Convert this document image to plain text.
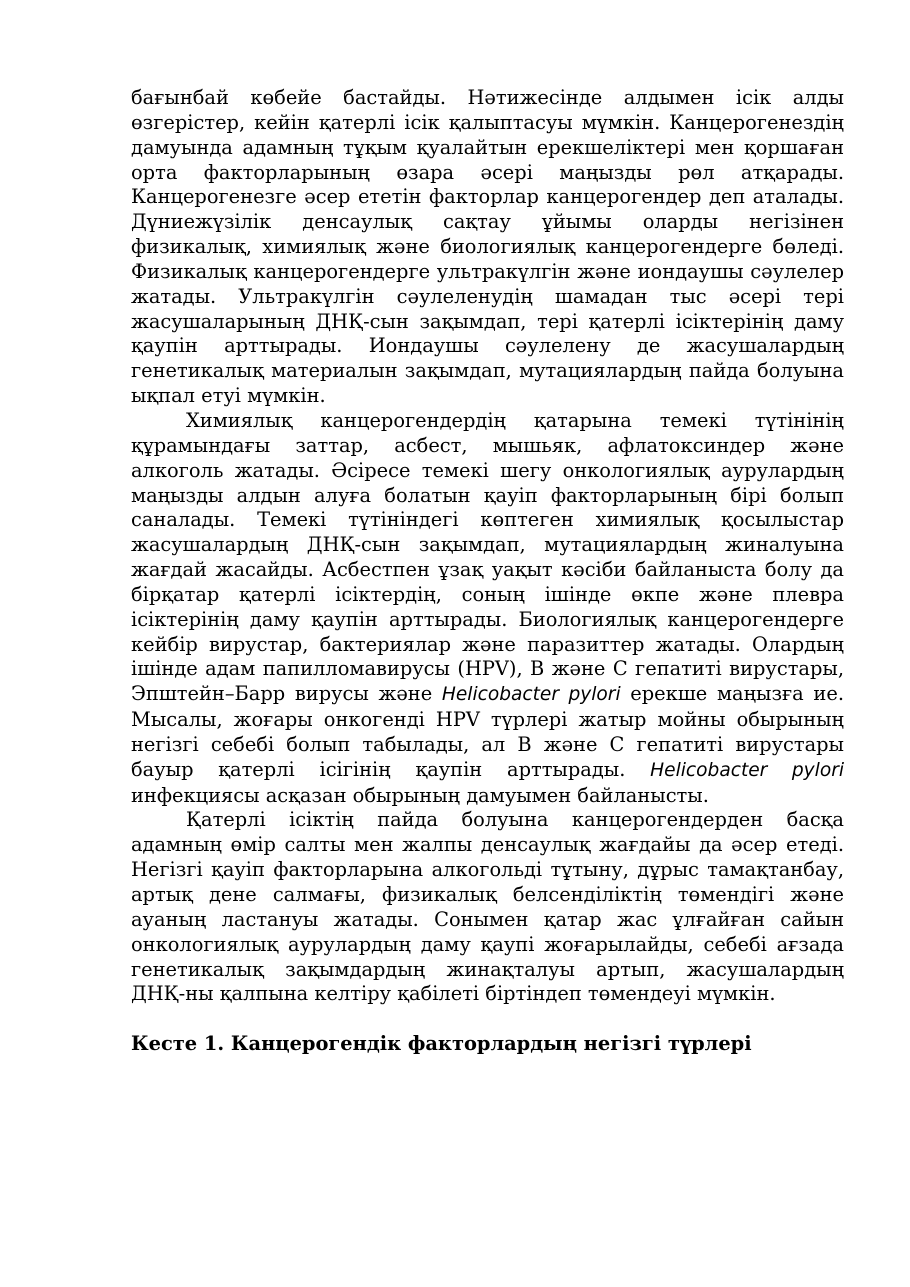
бағынбай көбейе бастайды. Нәтижесінде алдымен ісік алды өзгерістер, кейін қатерлі ісік қалыптасуы мүмкін. Канцерогенездің дамуында адамның тұқым қуалайтын ерекшеліктері мен қоршаған орта факторларының өзара әсері маңызды рөл атқарады. Канцерогенезге әсер ететін факторлар канцерогендер деп аталады. Дүниежүзілік денсаулық сақтау ұйымы оларды негізінен физикалық, химиялық және биологиялық канцерогендерге бөледі. Физикалық канцерогендерге ультракүлгін және иондаушы сәулелер жатады. Ультракүлгін сәулеленудің шамадан тыс әсері тері жасушаларының ДНҚ-сын зақымдап, тері қатерлі ісіктерінің даму қаупін арттырады. Иондаушы сәулелену де жасушалардың генетикалық материалын зақымдап, мутациялардың пайда болуына ықпал етуі мүмкін.

Химиялық канцерогендердің қатарына темекі түтінінің құрамындағы заттар, асбест, мышьяк, афлатоксиндер және алкоголь жатады. Әсіресе темекі шегу онкологиялық аурулардың маңызды алдын алуға болатын қауіп факторларының бірі болып саналады. Темекі түтініндегі көптеген химиялық қосылыстар жасушалардың ДНҚ-сын зақымдап, мутациялардың жиналуына жағдай жасайды. Асбестпен ұзақ уақыт кәсіби байланыста болу да бірқатар қатерлі ісіктердің, соның ішінде өкпе және плевра ісіктерінің даму қаупін арттырады. Биологиялық канцерогендерге кейбір вирустар, бактериялар және паразиттер жатады. Олардың ішінде адам папилломавирусы (HPV), В және С гепатиті вирустары, Эпштейн–Барр вирусы және Helicobacter pylori ерекше маңызға ие. Мысалы, жоғары онкогенді HPV түрлері жатыр мойны обырының негізгі себебі болып табылады, ал В және С гепатиті вирустары бауыр қатерлі ісігінің қаупін арттырады. Helicobacter pylori инфекциясы асқазан обырының дамуымен байланысты.

Қатерлі ісіктің пайда болуына канцерогендерден басқа адамның өмір салты мен жалпы денсаулық жағдайы да әсер етеді. Негізгі қауіп факторларына алкогольді тұтыну, дұрыс тамақтанбау, артық дене салмағы, физикалық белсенділіктің төмендігі және ауаның ластануы жатады. Сонымен қатар жас ұлғайған сайын онкологиялық аурулардың даму қаупі жоғарылайды, себебі ағзада генетикалық зақымдардың жинақталуы артып, жасушалардың ДНҚ-ны қалпына келтіру қабілеті біртіндеп төмендеуі мүмкін.

Кесте 1. Канцерогендік факторлардың негізгі түрлері
